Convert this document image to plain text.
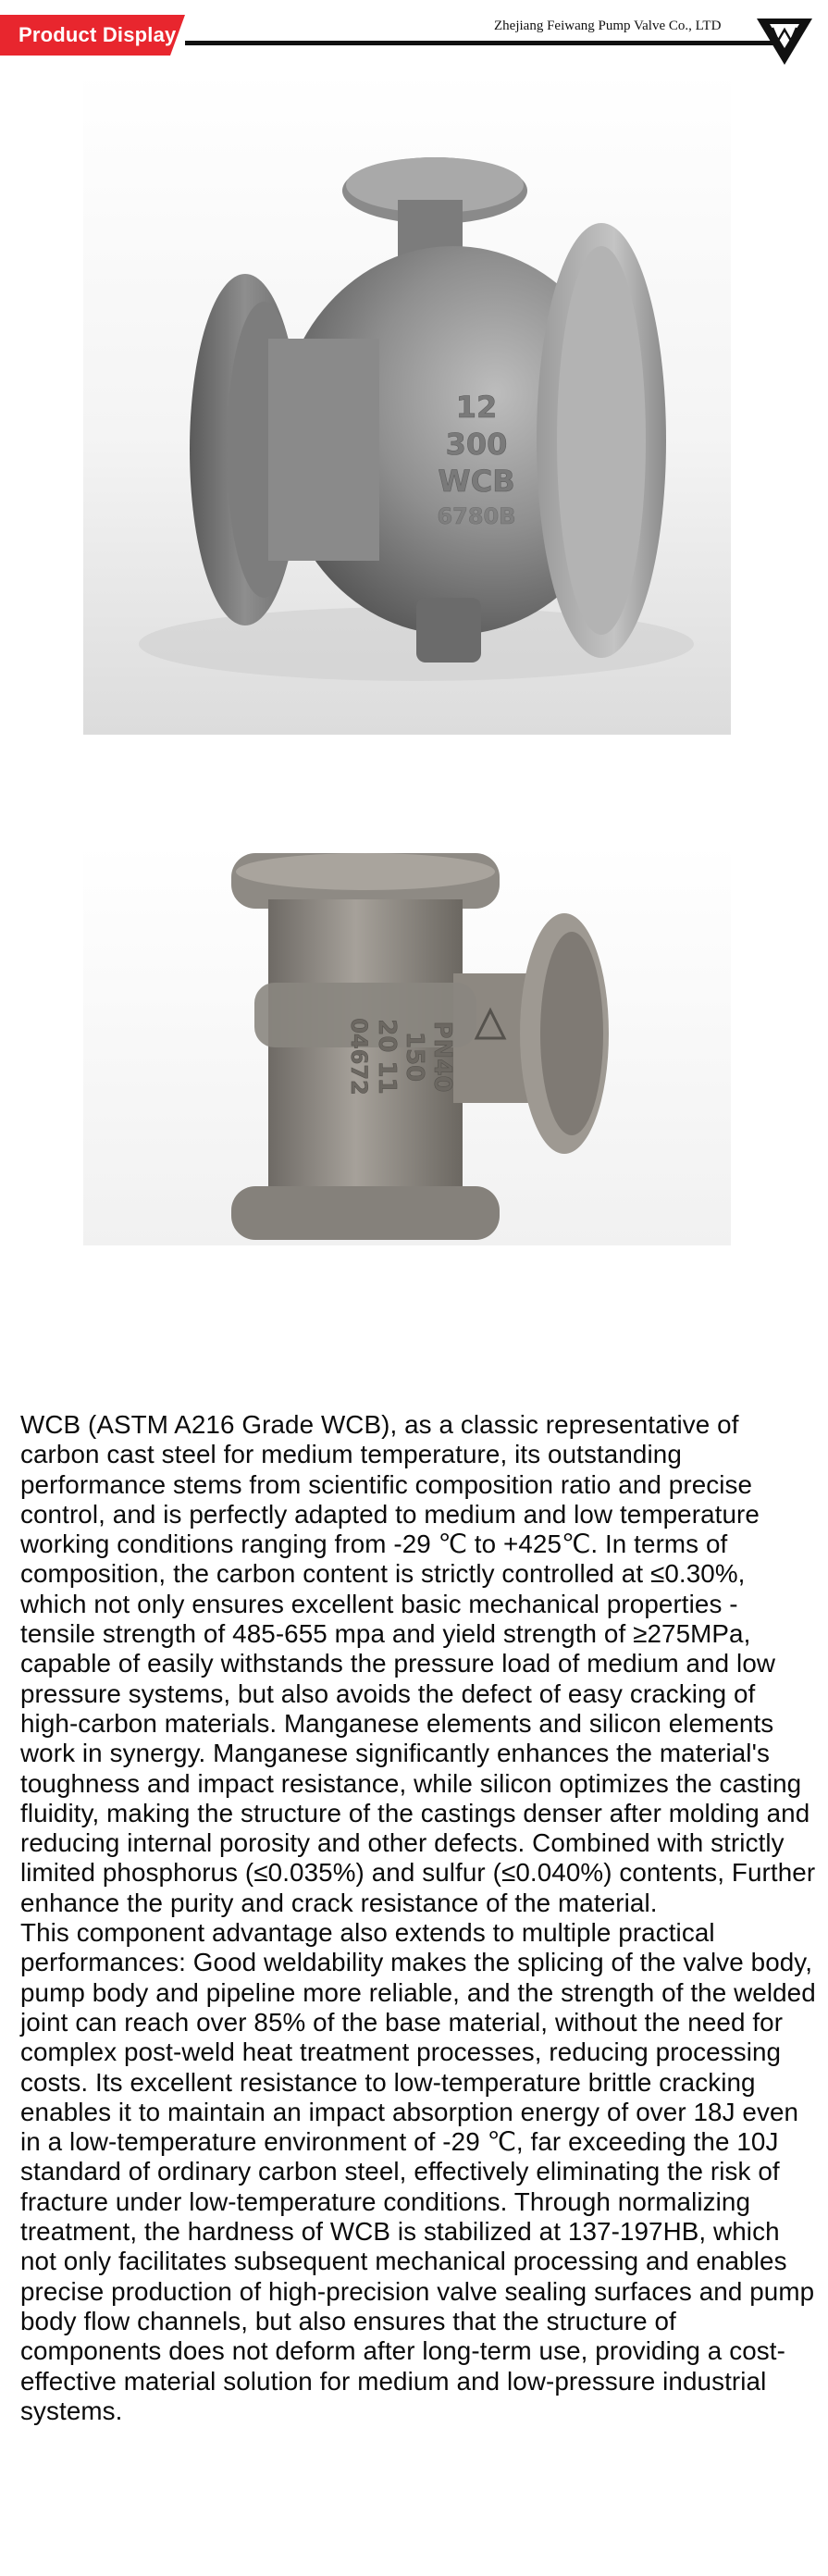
Product Display	Zhejiang Feiwang Pump Valve Co., LTD
12
300
WCB
6780B
PN40
150
20 11
04672

WCB (ASTM A216 Grade WCB), as a classic representative of carbon cast steel for medium temperature, its outstanding performance stems from scientific composition ratio and precise control, and is perfectly adapted to medium and low temperature working conditions ranging from -29 ℃ to +425℃. In terms of composition, the carbon content is strictly controlled at ≤0.30%, which not only ensures excellent basic mechanical properties - tensile strength of 485-655 mpa and yield strength of ≥275MPa, capable of easily withstands the pressure load of medium and low pressure systems, but also avoids the defect of easy cracking of high-carbon materials. Manganese elements and silicon elements work in synergy. Manganese significantly enhances the material's toughness and impact resistance, while silicon optimizes the casting fluidity, making the structure of the castings denser after molding and reducing internal porosity and other defects. Combined with strictly limited phosphorus (≤0.035%) and sulfur (≤0.040%) contents, Further enhance the purity and crack resistance of the material.

This component advantage also extends to multiple practical performances: Good weldability makes the splicing of the valve body, pump body and pipeline more reliable, and the strength of the welded joint can reach over 85% of the base material, without the need for complex post-weld heat treatment processes, reducing processing costs. Its excellent resistance to low-temperature brittle cracking enables it to maintain an impact absorption energy of over 18J even in a low-temperature environment of -29 ℃, far exceeding the 10J standard of ordinary carbon steel, effectively eliminating the risk of fracture under low-temperature conditions. Through normalizing treatment, the hardness of WCB is stabilized at 137-197HB, which not only facilitates subsequent mechanical processing and enables precise production of high-precision valve sealing surfaces and pump body flow channels, but also ensures that the structure of components does not deform after long-term use, providing a cost-effective material solution for medium and low-pressure industrial systems.
